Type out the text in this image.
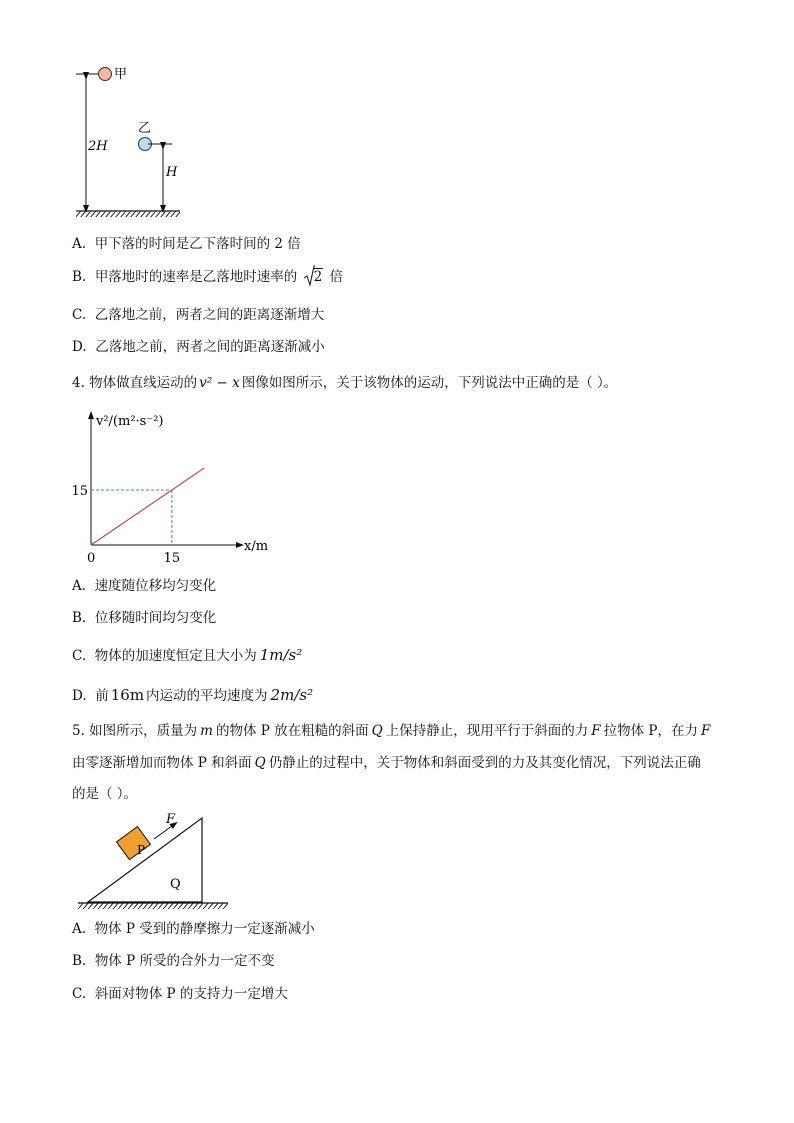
甲
2H
乙
H
A. 甲下落的时间是乙下落时间的 2 倍
B. 甲落地时的速率是乙落地时速率的 2 倍
C. 乙落地之前，两者之间的距离逐渐增大
D. 乙落地之前，两者之间的距离逐渐减小
4. 物体做直线运动的 v² − x 图像如图所示，关于该物体的运动，下列说法中正确的是（ ）。
v²/(m²·s⁻²)
x/m
0	15
15
A. 速度随位移均匀变化
B. 位移随时间均匀变化
C. 物体的加速度恒定且大小为 1m/s²
D. 前 16m 内运动的平均速度为 2m/s²
5. 如图所示，质量为 m 的物体 P 放在粗糙的斜面 Q 上保持静止，现用平行于斜面的力 F 拉物体 P，在力 F
由零逐渐增加而物体 P 和斜面 Q 仍静止的过程中，关于物体和斜面受到的力及其变化情况，下列说法正确
的是（ ）。
Q
P
F
A. 物体 P 受到的静摩擦力一定逐渐减小
B. 物体 P 所受的合外力一定不变
C. 斜面对物体 P 的支持力一定增大
